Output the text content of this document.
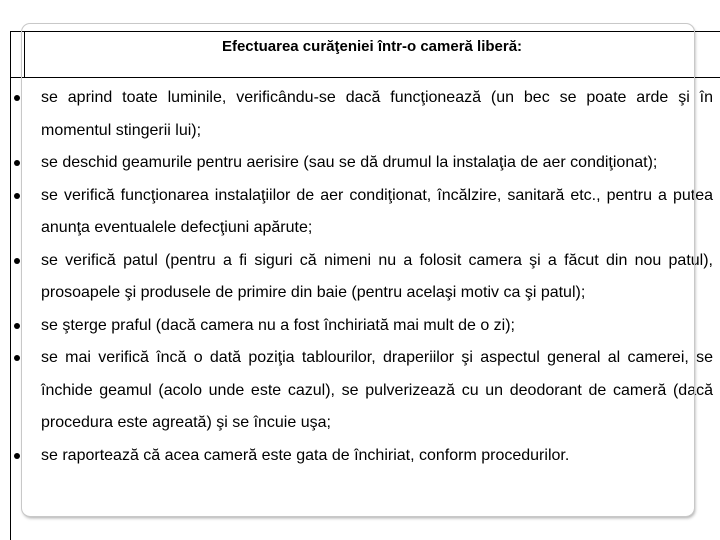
Efectuarea curăţeniei într-o cameră liberă:
se aprind toate luminile, verificându-se dacă funcţionează (un bec se poate arde şi în momentul stingerii lui);
se deschid geamurile pentru aerisire (sau se dă drumul la instalaţia de aer condiţionat);
se verifică funcţionarea instalaţiilor de aer condiţionat, încălzire, sanitară etc., pentru a putea anunţa eventualele defecţiuni apărute;
se verifică patul (pentru a fi siguri că nimeni nu a folosit camera şi a făcut din nou patul), prosoapele şi produsele de primire din baie (pentru acelaşi motiv ca şi patul);
se şterge praful (dacă camera nu a fost închiriată mai mult de o zi);
se mai verifică încă o dată poziţia tablourilor, draperiilor şi aspectul general al camerei, se închide geamul (acolo unde este cazul), se pulverizează cu un deodorant de cameră (dacă procedura este agreată) şi se încuie uşa;
se raportează că acea cameră este gata de închiriat, conform procedurilor.
